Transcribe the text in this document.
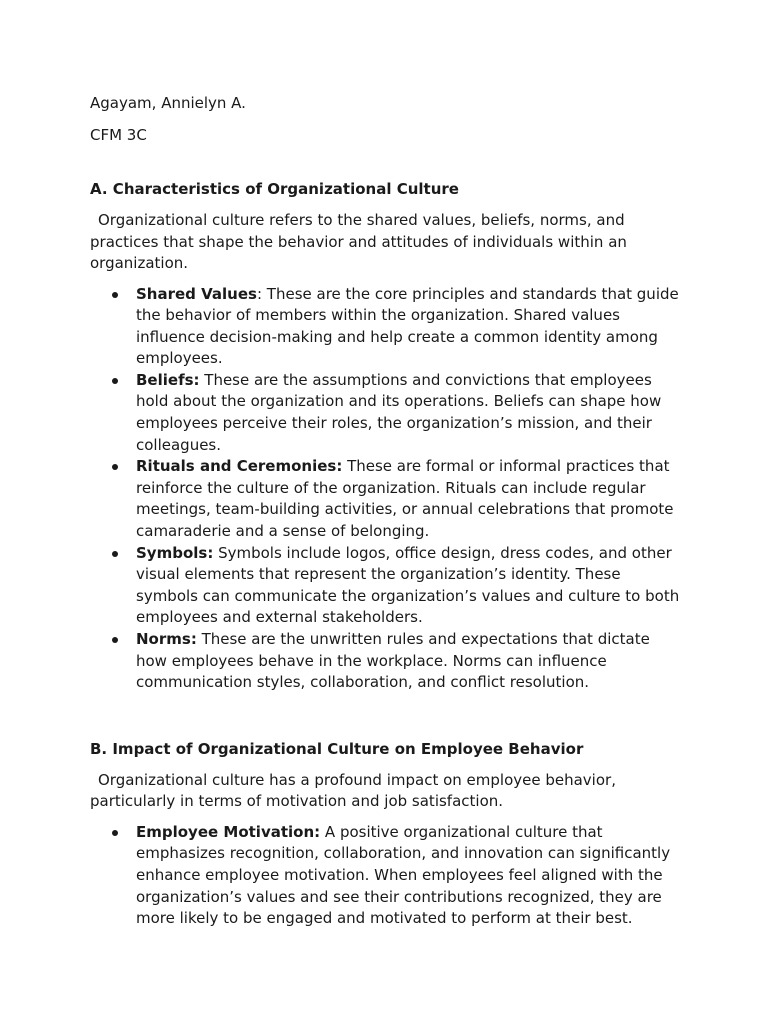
Agayam, Annielyn A.

CFM 3C

A. Characteristics of Organizational Culture

Organizational culture refers to the shared values, beliefs, norms, and practices that shape the behavior and attitudes of individuals within an organization.

Shared Values: These are the core principles and standards that guide the behavior of members within the organization. Shared values influence decision-making and help create a common identity among employees.
Beliefs: These are the assumptions and convictions that employees hold about the organization and its operations. Beliefs can shape how employees perceive their roles, the organization’s mission, and their colleagues.
Rituals and Ceremonies: These are formal or informal practices that reinforce the culture of the organization. Rituals can include regular meetings, team-building activities, or annual celebrations that promote camaraderie and a sense of belonging.
Symbols: Symbols include logos, office design, dress codes, and other visual elements that represent the organization’s identity. These symbols can communicate the organization’s values and culture to both employees and external stakeholders.
Norms: These are the unwritten rules and expectations that dictate how employees behave in the workplace. Norms can influence communication styles, collaboration, and conflict resolution.
B. Impact of Organizational Culture on Employee Behavior

Organizational culture has a profound impact on employee behavior, particularly in terms of motivation and job satisfaction.

Employee Motivation: A positive organizational culture that emphasizes recognition, collaboration, and innovation can significantly enhance employee motivation. When employees feel aligned with the organization’s values and see their contributions recognized, they are more likely to be engaged and motivated to perform at their best.
